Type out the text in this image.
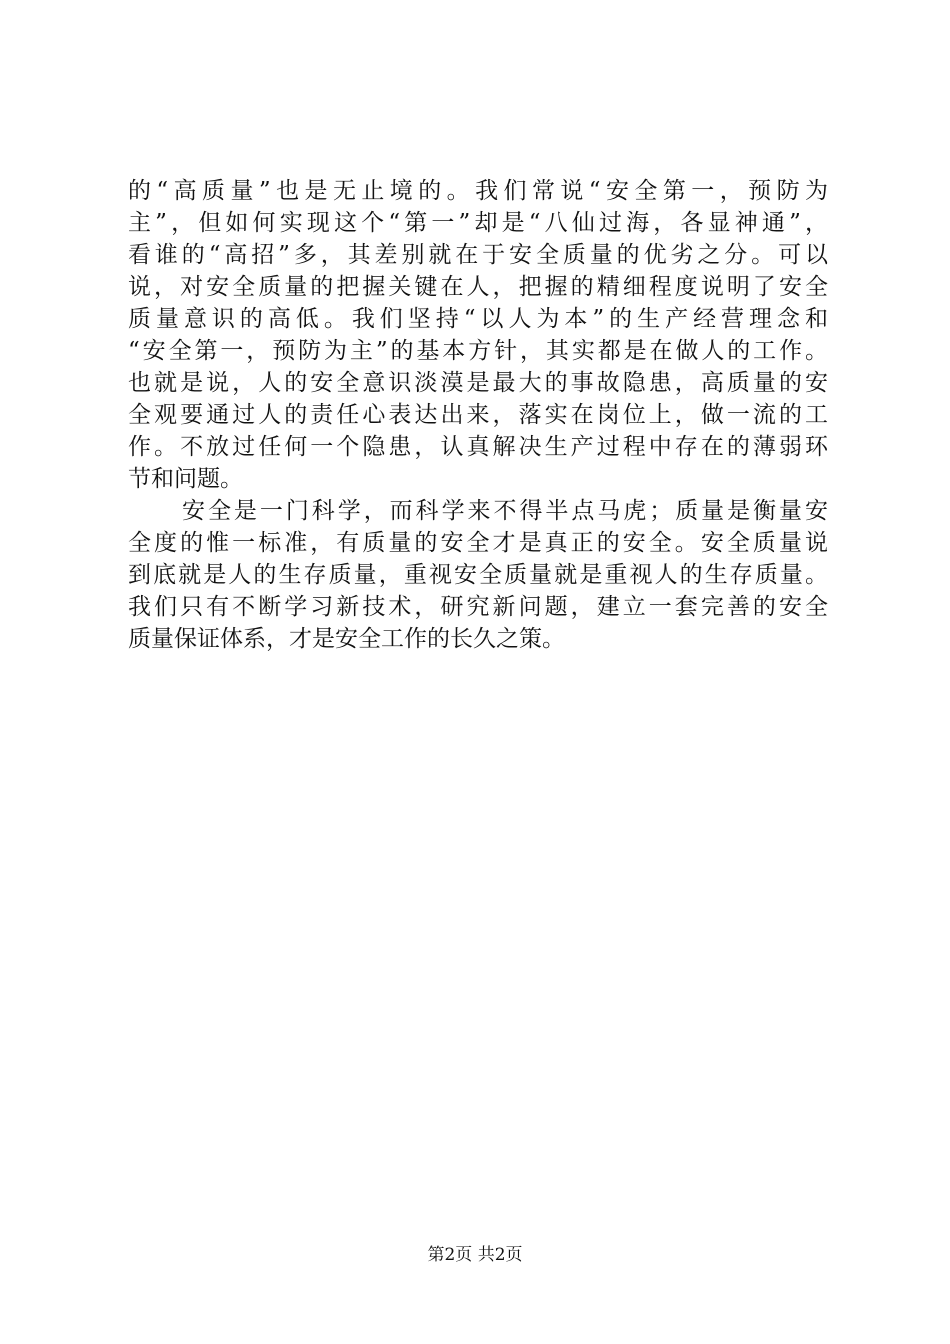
的“高质量”也是无止境的。我们常说“安全第一，预防为
主”，但如何实现这个“第一”却是“八仙过海，各显神通”，
看谁的“高招”多，其差别就在于安全质量的优劣之分。可以
说，对安全质量的把握关键在人，把握的精细程度说明了安全
质量意识的高低。我们坚持“以人为本”的生产经营理念和
“安全第一，预防为主”的基本方针，其实都是在做人的工作。
也就是说，人的安全意识淡漠是最大的事故隐患，高质量的安
全观要通过人的责任心表达出来，落实在岗位上，做一流的工
作。不放过任何一个隐患，认真解决生产过程中存在的薄弱环
节和问题。
安全是一门科学，而科学来不得半点马虎；质量是衡量安
全度的惟一标准，有质量的安全才是真正的安全。安全质量说
到底就是人的生存质量，重视安全质量就是重视人的生存质量。
我们只有不断学习新技术，研究新问题，建立一套完善的安全
质量保证体系，才是安全工作的长久之策。
第2页 共2页
